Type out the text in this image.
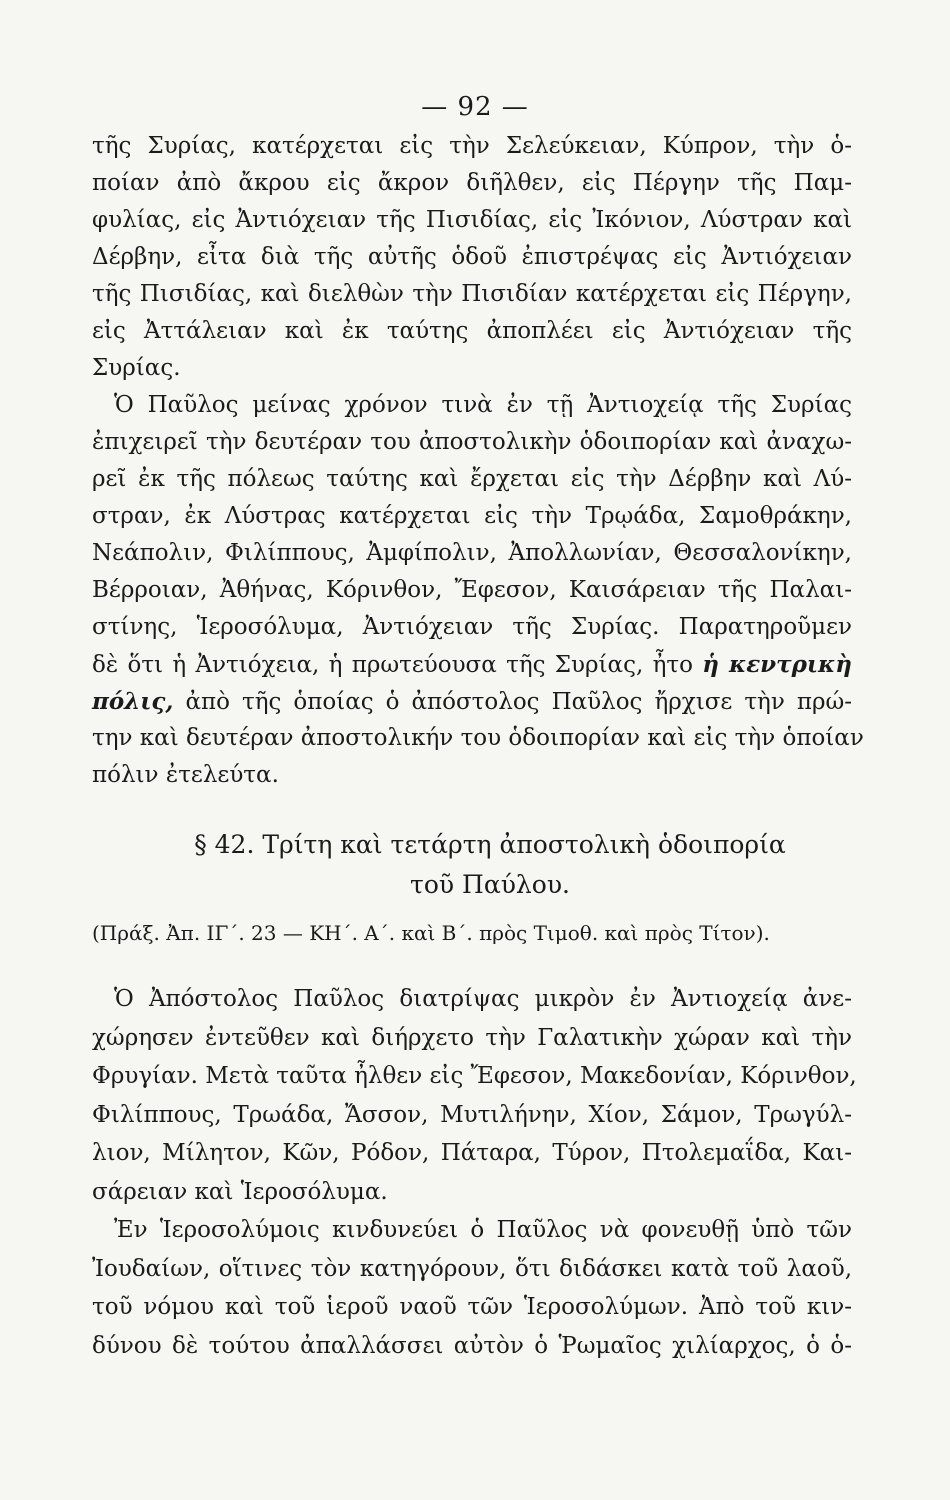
— 92 —
τῆς Συρίας, κατέρχεται εἰς τὴν Σελεύκειαν, Κύπρον, τὴν ὁ-
ποίαν ἀπὸ ἄκρου εἰς ἄκρον διῆλθεν, εἰς Πέργην τῆς Παμ-
φυλίας, εἰς Ἀντιόχειαν τῆς Πισιδίας, εἰς Ἰκόνιον, Λύστραν καὶ
Δέρβην, εἶτα διὰ τῆς αὐτῆς ὁδοῦ ἐπιστρέψας εἰς Ἀντιόχειαν
τῆς Πισιδίας, καὶ διελθὼν τὴν Πισιδίαν κατέρχεται εἰς Πέργην,
εἰς Ἀττάλειαν καὶ ἐκ ταύτης ἀποπλέει εἰς Ἀντιόχειαν τῆς
Συρίας.
Ὁ Παῦλος μείνας χρόνον τινὰ ἐν τῇ Ἀντιοχείᾳ τῆς Συρίας
ἐπιχειρεῖ τὴν δευτέραν του ἀποστολικὴν ὁδοιπορίαν καὶ ἀναχω-
ρεῖ ἐκ τῆς πόλεως ταύτης καὶ ἔρχεται εἰς τὴν Δέρβην καὶ Λύ-
στραν, ἐκ Λύστρας κατέρχεται εἰς τὴν Τρῳάδα, Σαμοθράκην,
Νεάπολιν, Φιλίππους, Ἀμφίπολιν, Ἀπολλωνίαν, Θεσσαλονίκην,
Βέρροιαν, Ἀθήνας, Κόρινθον, Ἔφεσον, Καισάρειαν τῆς Παλαι-
στίνης, Ἱεροσόλυμα, Ἀντιόχειαν τῆς Συρίας. Παρατηροῦμεν
δὲ ὅτι ἡ Ἀντιόχεια, ἡ πρωτεύουσα τῆς Συρίας, ἦτο ἡ κεντρικὴ
πόλις, ἀπὸ τῆς ὁποίας ὁ ἀπόστολος Παῦλος ἤρχισε τὴν πρώ-
την καὶ δευτέραν ἀποστολικήν του ὁδοιπορίαν καὶ εἰς τὴν ὁποίαν
πόλιν ἐτελεύτα.
§ 42. Τρίτη καὶ τετάρτη ἀποστολικὴ ὁδοιπορία
τοῦ Παύλου.
(Πράξ. Ἀπ. ΙΓ΄. 23 — ΚΗ΄. Α΄. καὶ Β΄. πρὸς Τιμοθ. καὶ πρὸς Τίτον).
Ὁ Ἀπόστολος Παῦλος διατρίψας μικρὸν ἐν Ἀντιοχείᾳ ἀνε-
χώρησεν ἐντεῦθεν καὶ διήρχετο τὴν Γαλατικὴν χώραν καὶ τὴν
Φρυγίαν. Μετὰ ταῦτα ἦλθεν εἰς Ἔφεσον, Μακεδονίαν, Κόρινθον,
Φιλίππους, Τρωάδα, Ἄσσον, Μυτιλήνην, Χίον, Σάμον, Τρωγύλ-
λιον, Μίλητον, Κῶν, Ρόδον, Πάταρα, Τύρον, Πτολεμαΐδα, Και-
σάρειαν καὶ Ἱεροσόλυμα.
Ἐν Ἱεροσολύμοις κινδυνεύει ὁ Παῦλος νὰ φονευθῇ ὑπὸ τῶν
Ἰουδαίων, οἵτινες τὸν κατηγόρουν, ὅτι διδάσκει κατὰ τοῦ λαοῦ,
τοῦ νόμου καὶ τοῦ ἱεροῦ ναοῦ τῶν Ἱεροσολύμων. Ἀπὸ τοῦ κιν-
δύνου δὲ τούτου ἀπαλλάσσει αὐτὸν ὁ Ῥωμαῖος χιλίαρχος, ὁ ὁ-
